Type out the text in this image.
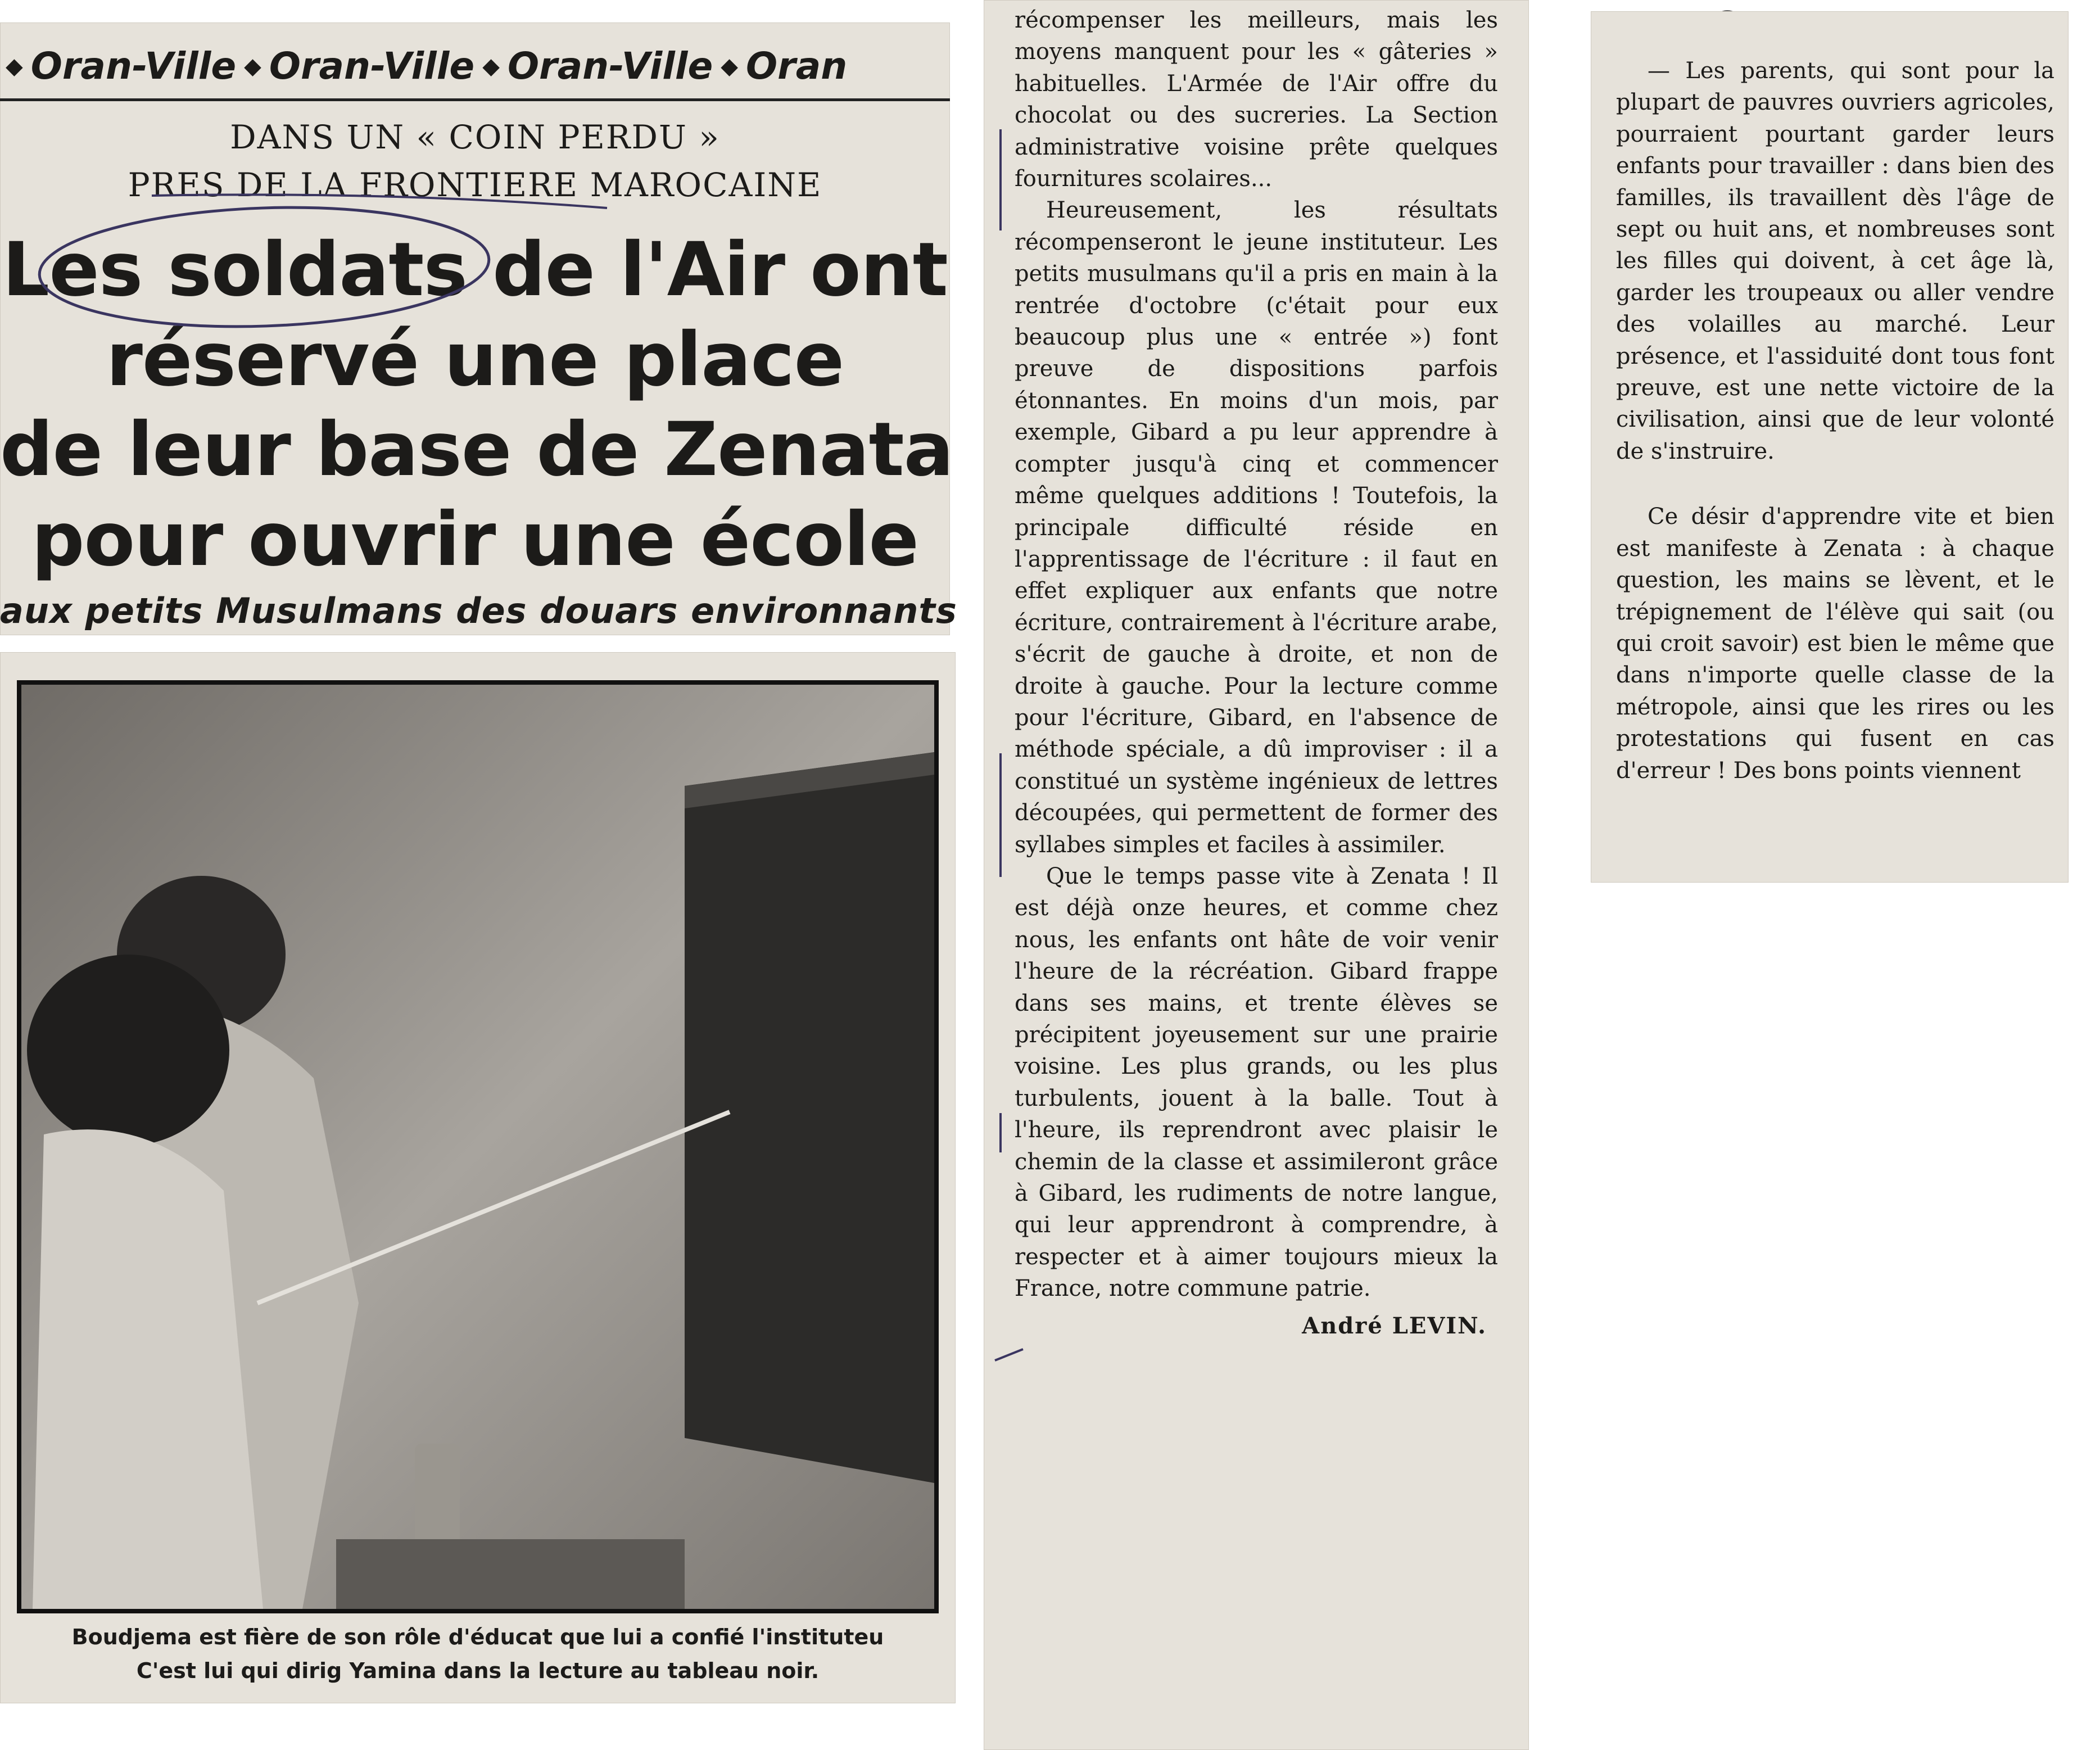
◆ Oran-Ville ◆ Oran-Ville ◆ Oran-Ville ◆ Oran
DANS UN « COIN PERDU »
PRES DE LA FRONTIERE MAROCAINE
Les soldats de l'Air ont
réservé une place
de leur base de Zenata
pour ouvrir une école
aux petits Musulmans des douars environnants
Boudjema est fière de son rôle d'éducat que lui a confié l'instituteu
C'est lui qui dirig Yamina dans la lecture au tableau noir.

récompenser les meilleurs, mais les moyens manquent pour les « gâteries » habituelles. L'Armée de l'Air offre du chocolat ou des sucreries. La Section administrative voisine prête quelques fournitures scolaires...

Heureusement, les résultats récompenseront le jeune instituteur. Les petits musulmans qu'il a pris en main à la rentrée d'octobre (c'était pour eux beaucoup plus une « entrée ») font preuve de dispositions parfois étonnantes. En moins d'un mois, par exemple, Gibard a pu leur apprendre à compter jusqu'à cinq et commencer même quelques additions ! Toutefois, la principale difficulté réside en l'apprentissage de l'écriture : il faut en effet expliquer aux enfants que notre écriture, contrairement à l'écriture arabe, s'écrit de gauche à droite, et non de droite à gauche. Pour la lecture comme pour l'écriture, Gibard, en l'absence de méthode spéciale, a dû improviser : il a constitué un système ingénieux de lettres découpées, qui permettent de former des syllabes simples et faciles à assimiler.

Que le temps passe vite à Zenata ! Il est déjà onze heures, et comme chez nous, les enfants ont hâte de voir venir l'heure de la récréation. Gibard frappe dans ses mains, et trente élèves se précipitent joyeusement sur une prairie voisine. Les plus grands, ou les plus turbulents, jouent à la balle. Tout à l'heure, ils reprendront avec plaisir le chemin de la classe et assimileront grâce à Gibard, les rudiments de notre langue, qui leur apprendront à comprendre, à respecter et à aimer toujours mieux la France, notre commune patrie.

André LEVIN.

— Les parents, qui sont pour la plupart de pauvres ouvriers agricoles, pourraient pourtant garder leurs enfants pour travailler : dans bien des familles, ils travaillent dès l'âge de sept ou huit ans, et nombreuses sont les filles qui doivent, à cet âge là, garder les troupeaux ou aller vendre des volailles au marché. Leur présence, et l'assiduité dont tous font preuve, est une nette victoire de la civilisation, ainsi que de leur volonté de s'instruire.

Ce désir d'apprendre vite et bien est manifeste à Zenata : à chaque question, les mains se lèvent, et le trépignement de l'élève qui sait (ou qui croit savoir) est bien le même que dans n'importe quelle classe de la métropole, ainsi que les rires ou les protestations qui fusent en cas d'erreur ! Des bons points viennent
